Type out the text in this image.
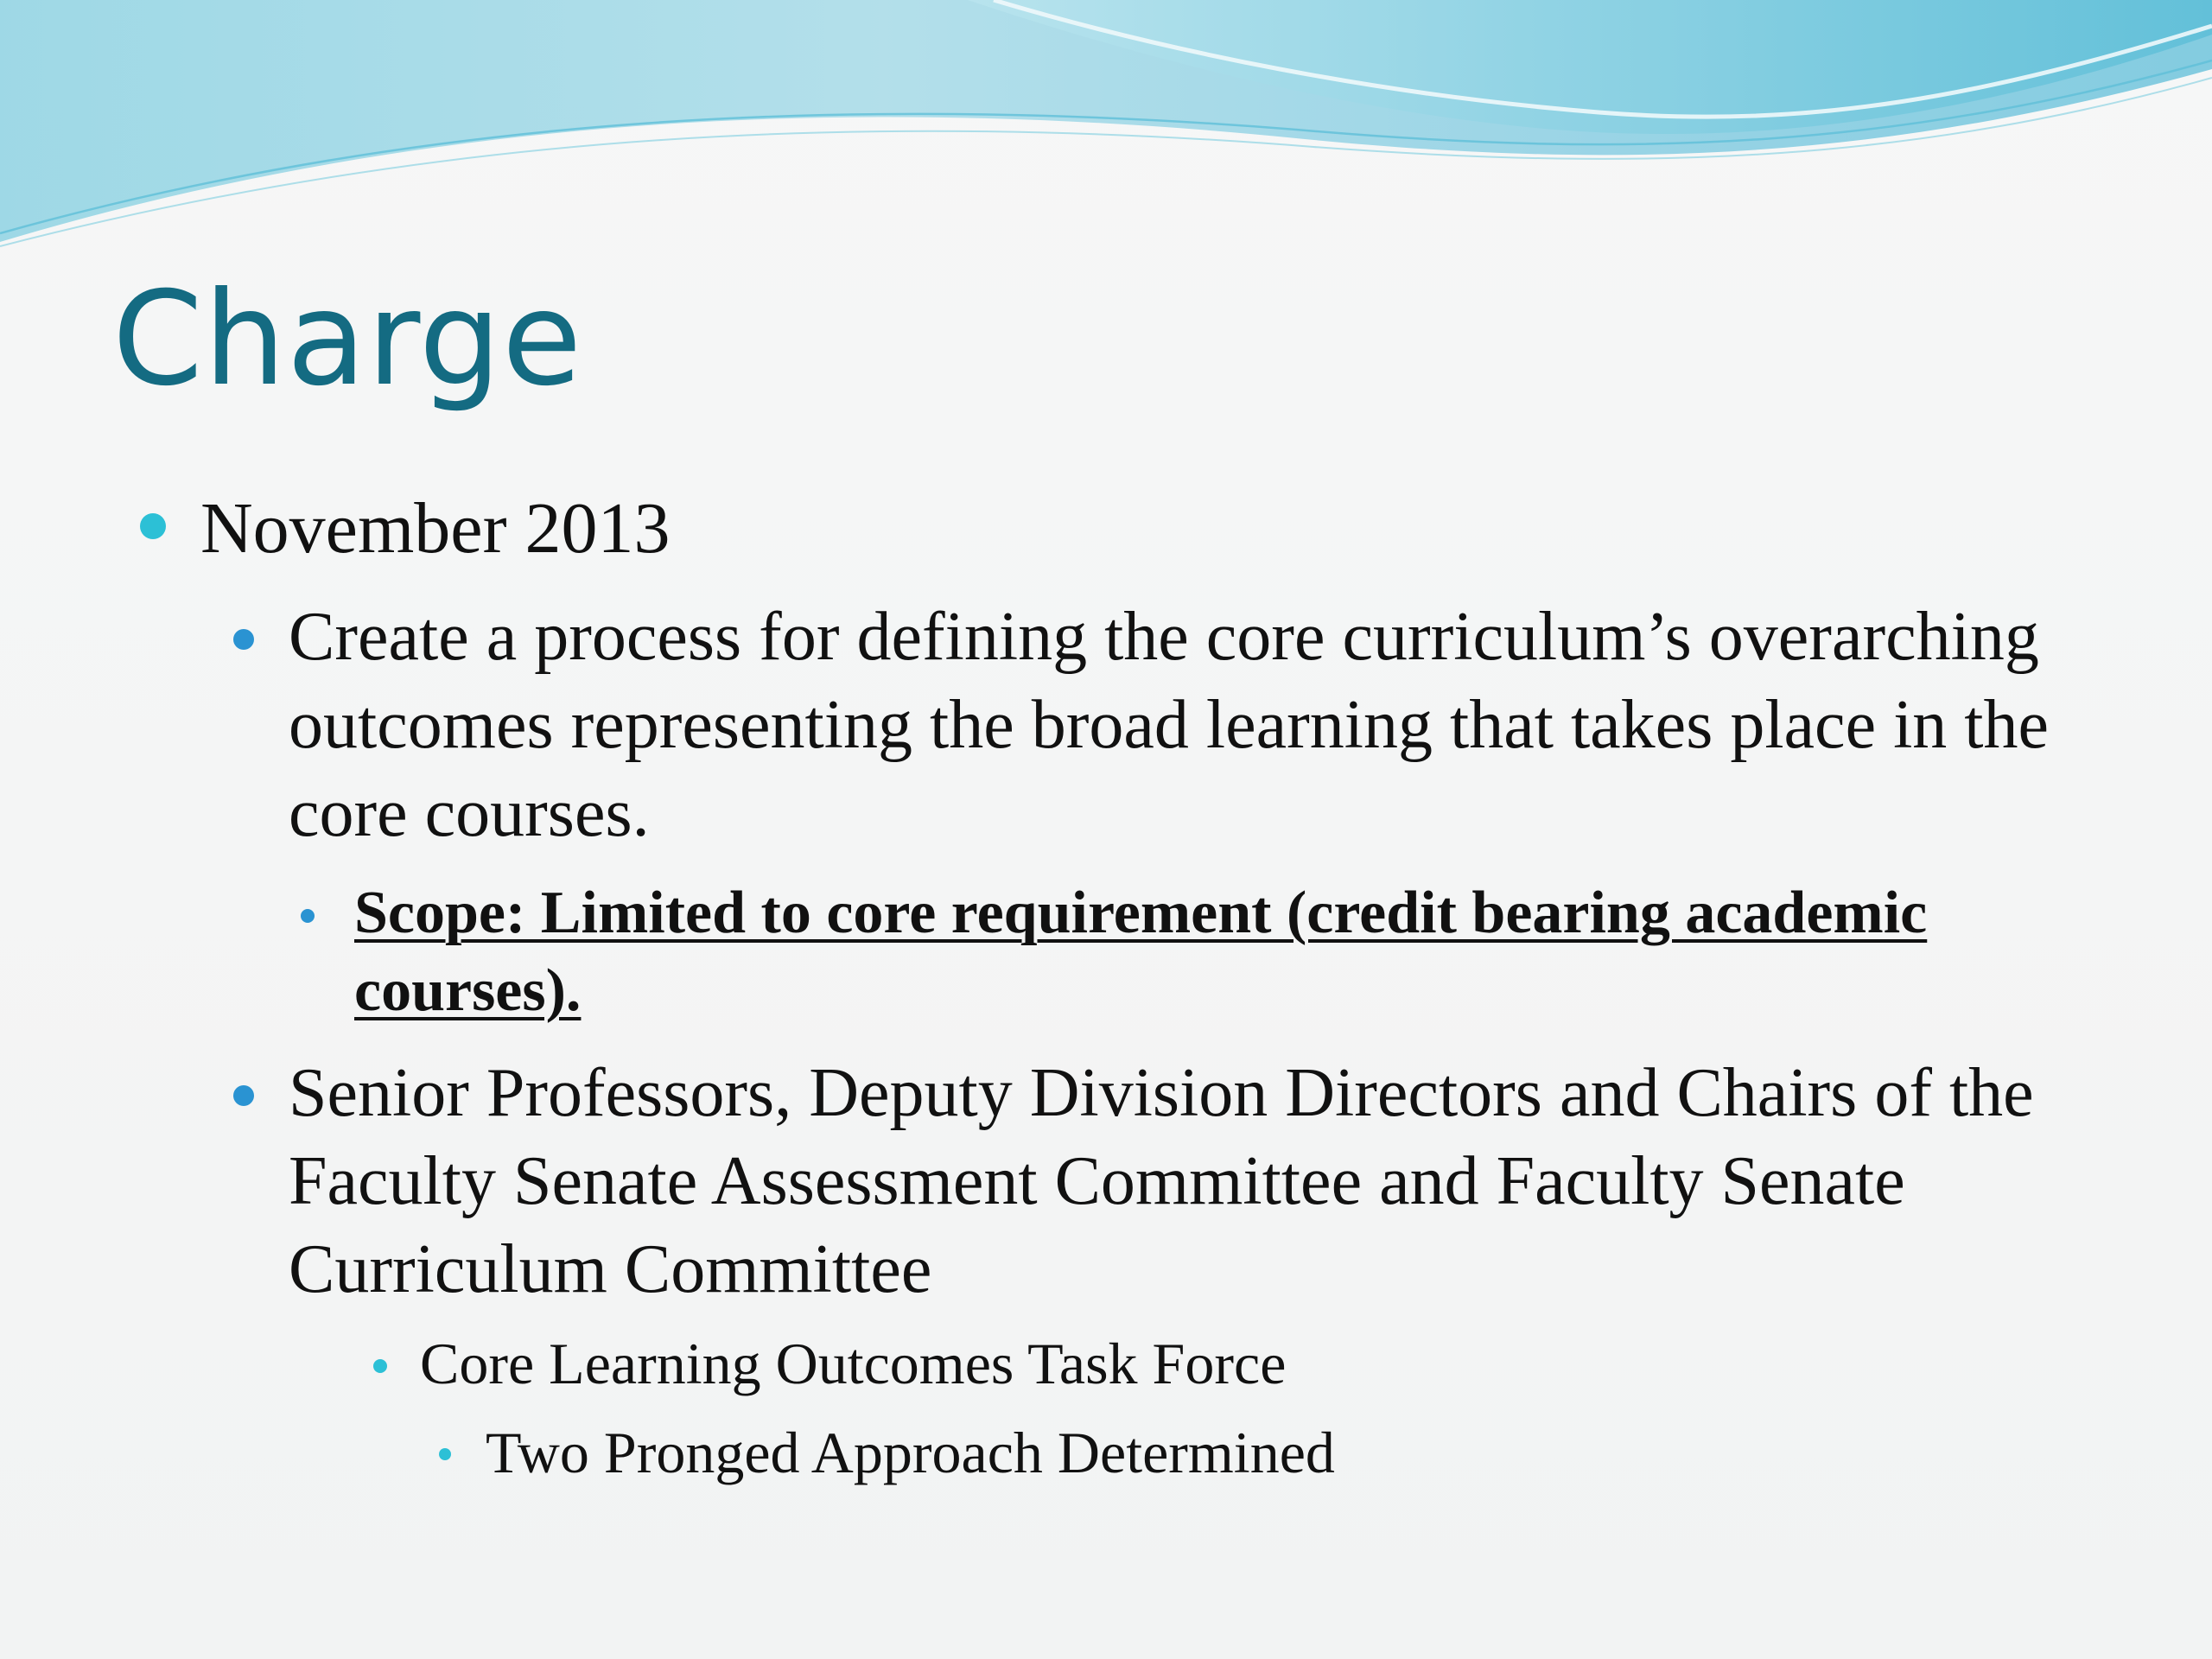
Charge
November 2013
Create a process for defining the core curriculum’s overarching outcomes representing the broad learning that takes place in the core courses.
Scope: Limited to core requirement (credit bearing academic courses).
Senior Professors, Deputy Division Directors and Chairs of the Faculty Senate Assessment Committee and Faculty Senate Curriculum Committee
Core Learning Outcomes Task Force
Two Pronged Approach Determined
